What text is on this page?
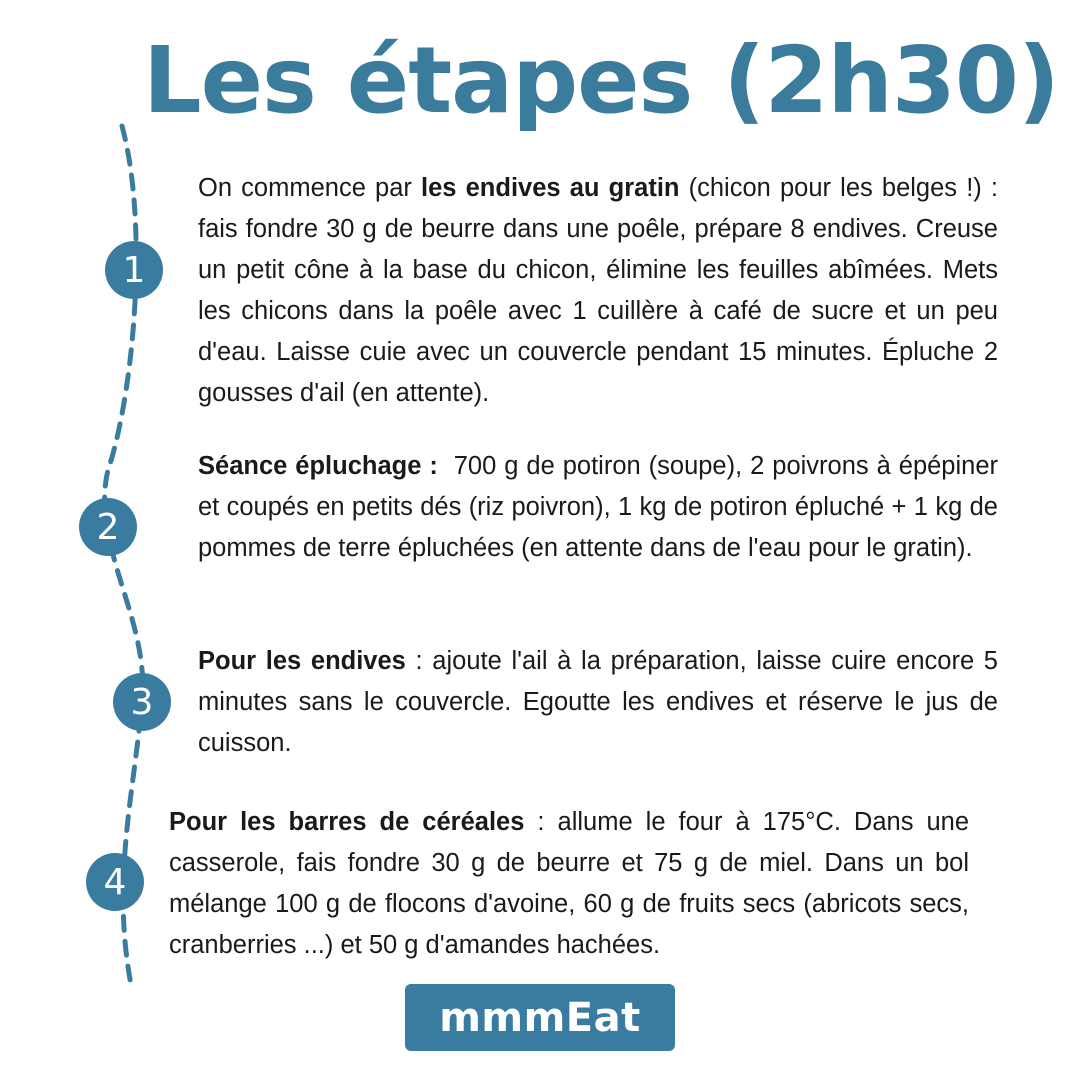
Les étapes (2h30)
1
2
3
4

On commence par les endives au gratin (chicon pour les belges !) : fais fondre 30 g de beurre dans une poêle, prépare 8 endives. Creuse un petit cône à la base du chicon, élimine les feuilles abîmées. Mets les chicons dans la poêle avec 1 cuillère à café de sucre et un peu d'eau. Laisse cuie avec un couvercle pendant 15 minutes. Épluche 2 gousses d'ail (en attente).

Séance épluchage :  700 g de potiron (soupe), 2 poivrons à épépiner et coupés en petits dés (riz poivron), 1 kg de potiron épluché + 1 kg de pommes de terre épluchées (en attente dans de l'eau pour le gratin).

Pour les endives : ajoute l'ail à la préparation, laisse cuire encore 5 minutes sans le couvercle. Egoutte les endives et réserve le jus de cuisson.

Pour les barres de céréales : allume le four à 175°C. Dans une casserole, fais fondre 30 g de beurre et 75 g de miel. Dans un bol mélange 100 g de flocons d'avoine, 60 g de fruits secs (abricots secs, cranberries ...) et 50 g d'amandes hachées.

mmmEat
